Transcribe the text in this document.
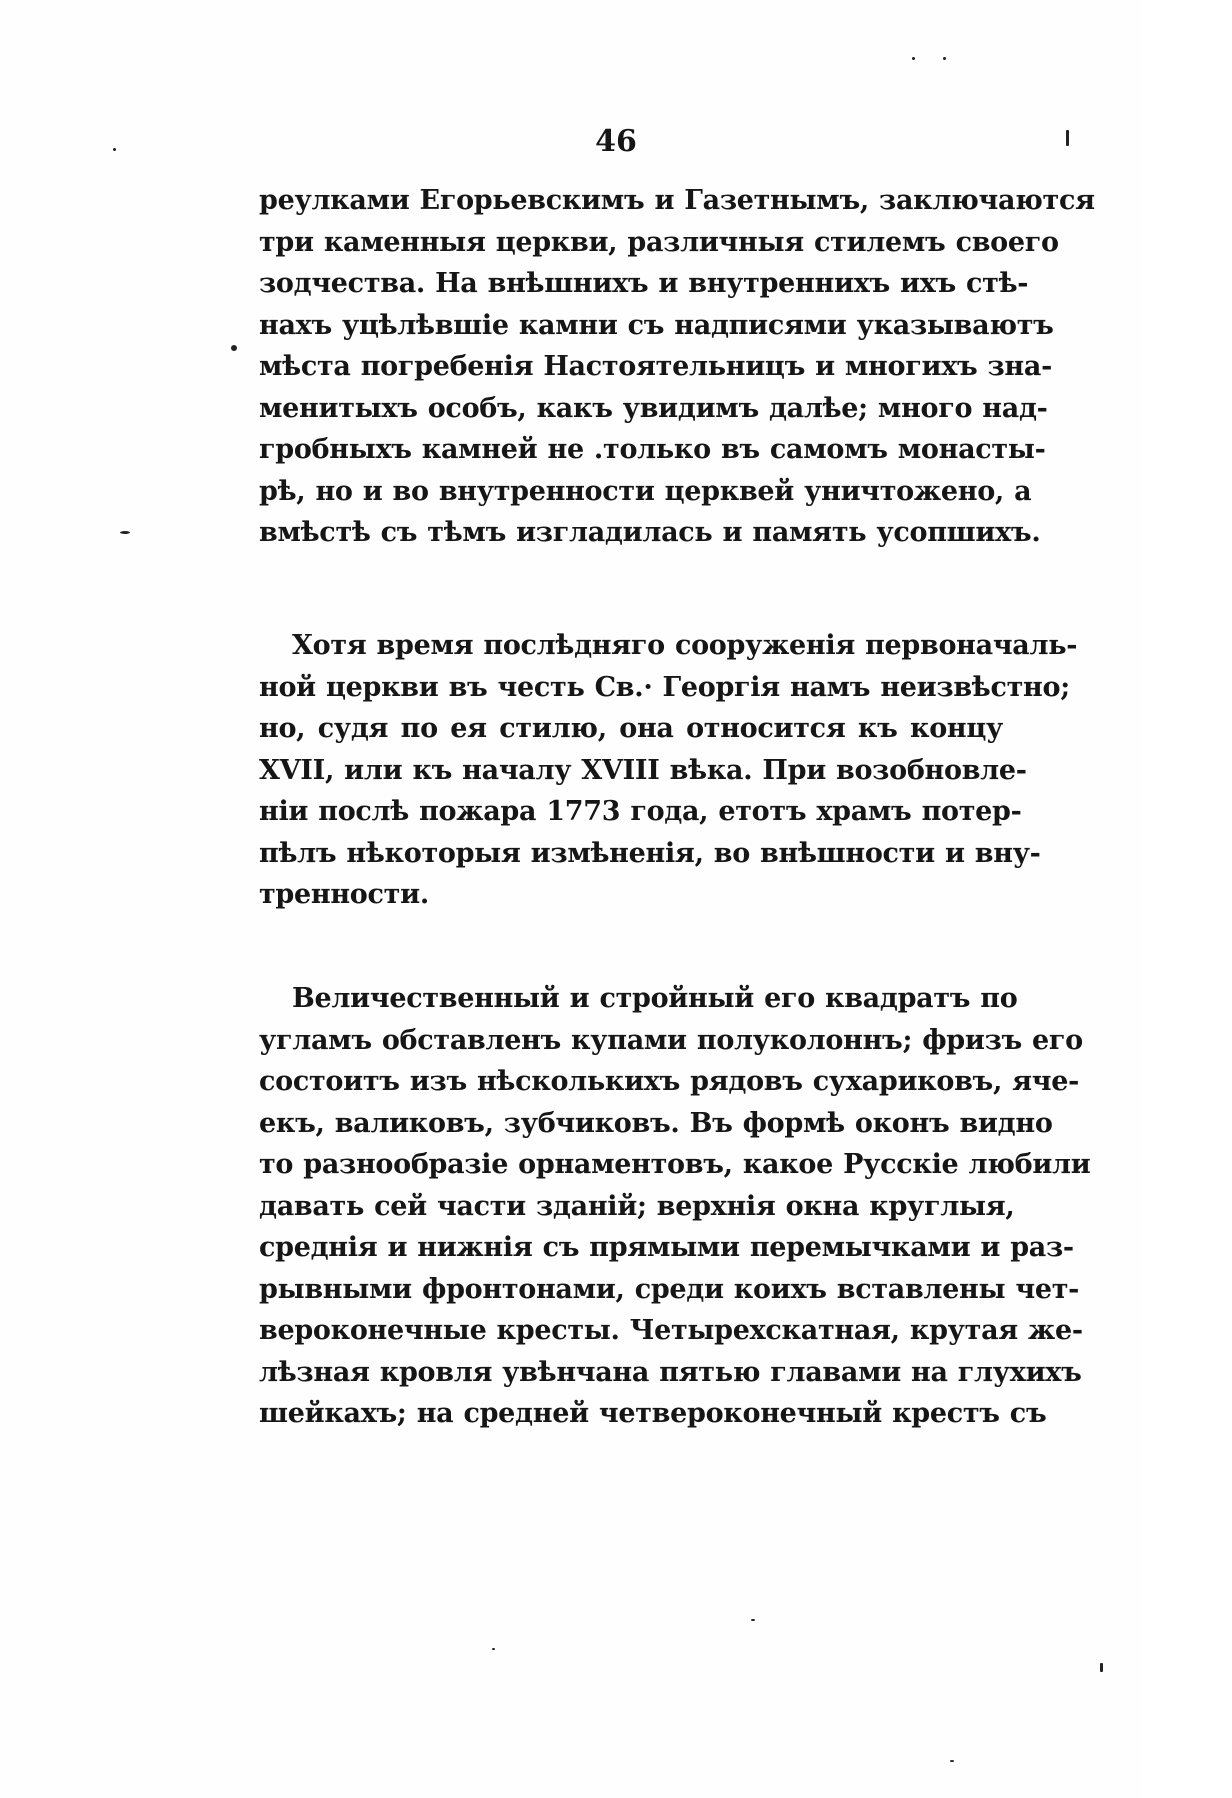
46
реулками Егорьевскимъ и Газетнымъ, заключаются
три каменныя церкви, различныя стилемъ своего
зодчества. На внѣшнихъ и внутреннихъ ихъ стѣ-
нахъ уцѣлѣвшіе камни съ надписями указываютъ
мѣста погребенія Настоятельницъ и многихъ зна-
менитыхъ особъ, какъ увидимъ далѣе; много над-
гробныхъ камней не .только въ самомъ монасты-
рѣ, но и во внутренности церквей уничтожено, а
вмѣстѣ съ тѣмъ изгладилась и память усопшихъ.
Хотя время послѣдняго сооруженія первоначаль-
ной церкви въ честь Св.· Георгія намъ неизвѣстно;
но, судя по ея стилю, она относится къ концу
XVII, или къ началу XVIII вѣка. При возобновле-
ніи послѣ пожара 1773 года, етотъ храмъ потер-
пѣлъ нѣкоторыя измѣненія, во внѣшности и вну-
тренности.
Величественный и стройный его квадратъ по
угламъ обставленъ купами полуколоннъ; фризъ его
состоитъ изъ нѣсколькихъ рядовъ сухариковъ, яче-
екъ, валиковъ, зубчиковъ. Въ формѣ оконъ видно
то разнообразіе орнаментовъ, какое Русскіе любили
давать сей части зданій; верхнія окна круглыя,
среднія и нижнія съ прямыми перемычками и раз-
рывными фронтонами, среди коихъ вставлены чет-
вероконечные кресты. Четырехскатная, крутая же-
лѣзная кровля увѣнчана пятью главами на глухихъ
шейкахъ; на средней четвероконечный крестъ съ
